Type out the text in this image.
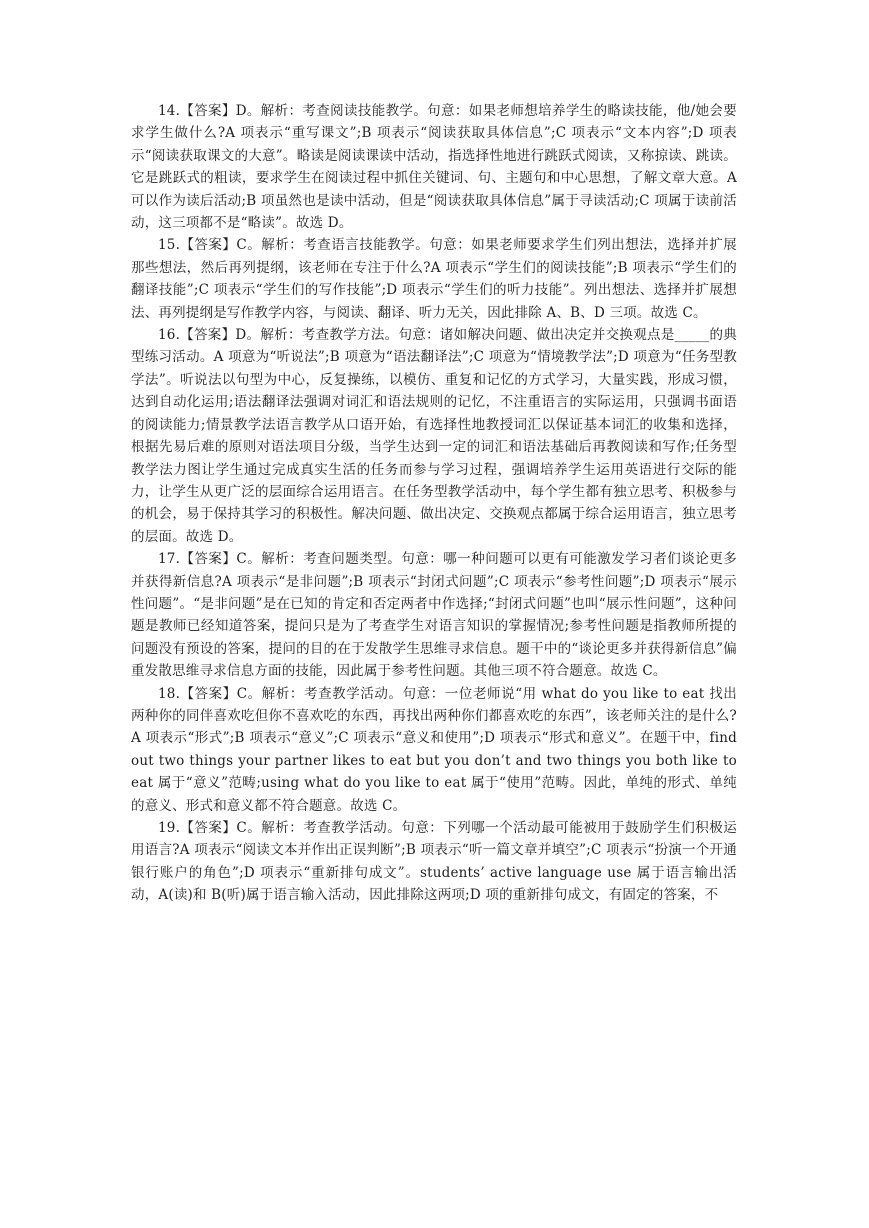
14.【答案】D。解析：考查阅读技能教学。句意：如果老师想培养学生的略读技能，他/她会要求学生做什么?A 项表示“重写课文”;B 项表示“阅读获取具体信息”;C 项表示“文本内容”;D 项表示“阅读获取课文的大意”。略读是阅读课读中活动，指选择性地进行跳跃式阅读，又称掠读、跳读。它是跳跃式的粗读，要求学生在阅读过程中抓住关键词、句、主题句和中心思想，了解文章大意。A 可以作为读后活动;B 项虽然也是读中活动，但是“阅读获取具体信息”属于寻读活动;C 项属于读前活动，这三项都不是“略读”。故选 D。

15.【答案】C。解析：考查语言技能教学。句意：如果老师要求学生们列出想法，选择并扩展那些想法，然后再列提纲，该老师在专注于什么?A 项表示“学生们的阅读技能”;B 项表示“学生们的翻译技能”;C 项表示“学生们的写作技能”;D 项表示“学生们的听力技能”。列出想法、选择并扩展想法、再列提纲是写作教学内容，与阅读、翻译、听力无关，因此排除 A、B、D 三项。故选 C。

16.【答案】D。解析：考查教学方法。句意：诸如解决问题、做出决定并交换观点是_____的典型练习活动。A 项意为“听说法”;B 项意为“语法翻译法”;C 项意为“情境教学法”;D 项意为“任务型教学法”。听说法以句型为中心，反复操练，以模仿、重复和记忆的方式学习，大量实践，形成习惯，达到自动化运用;语法翻译法强调对词汇和语法规则的记忆，不注重语言的实际运用，只强调书面语的阅读能力;情景教学法语言教学从口语开始，有选择性地教授词汇以保证基本词汇的收集和选择，根据先易后难的原则对语法项目分级，当学生达到一定的词汇和语法基础后再教阅读和写作;任务型教学法力图让学生通过完成真实生活的任务而参与学习过程，强调培养学生运用英语进行交际的能力，让学生从更广泛的层面综合运用语言。在任务型教学活动中，每个学生都有独立思考、积极参与的机会，易于保持其学习的积极性。解决问题、做出决定、交换观点都属于综合运用语言，独立思考的层面。故选 D。

17.【答案】C。解析：考查问题类型。句意：哪一种问题可以更有可能激发学习者们谈论更多并获得新信息?A 项表示“是非问题”;B 项表示“封闭式问题”;C 项表示“参考性问题”;D 项表示“展示性问题”。“是非问题”是在已知的肯定和否定两者中作选择;“封闭式问题”也叫“展示性问题”，这种问题是教师已经知道答案，提问只是为了考查学生对语言知识的掌握情况;参考性问题是指教师所提的问题没有预设的答案，提问的目的在于发散学生思维寻求信息。题干中的“谈论更多并获得新信息”偏重发散思维寻求信息方面的技能，因此属于参考性问题。其他三项不符合题意。故选 C。

18.【答案】C。解析：考查教学活动。句意：一位老师说“用 what do you like to eat 找出两种你的同伴喜欢吃但你不喜欢吃的东西，再找出两种你们都喜欢吃的东西”，该老师关注的是什么?A 项表示“形式”;B 项表示“意义”;C 项表示“意义和使用”;D 项表示“形式和意义”。在题干中，find out two things your partner likes to eat but you don’t and two things you both like to eat 属于“意义”范畴;using what do you like to eat 属于“使用”范畴。因此，单纯的形式、单纯的意义、形式和意义都不符合题意。故选 C。

19.【答案】C。解析：考查教学活动。句意：下列哪一个活动最可能被用于鼓励学生们积极运用语言?A 项表示“阅读文本并作出正误判断”;B 项表示“听一篇文章并填空”;C 项表示“扮演一个开通银行账户的角色”;D 项表示“重新排句成文”。students’ active language use 属于语言输出活动，A(读)和 B(听)属于语言输入活动，因此排除这两项;D 项的重新排句成文，有固定的答案，不
